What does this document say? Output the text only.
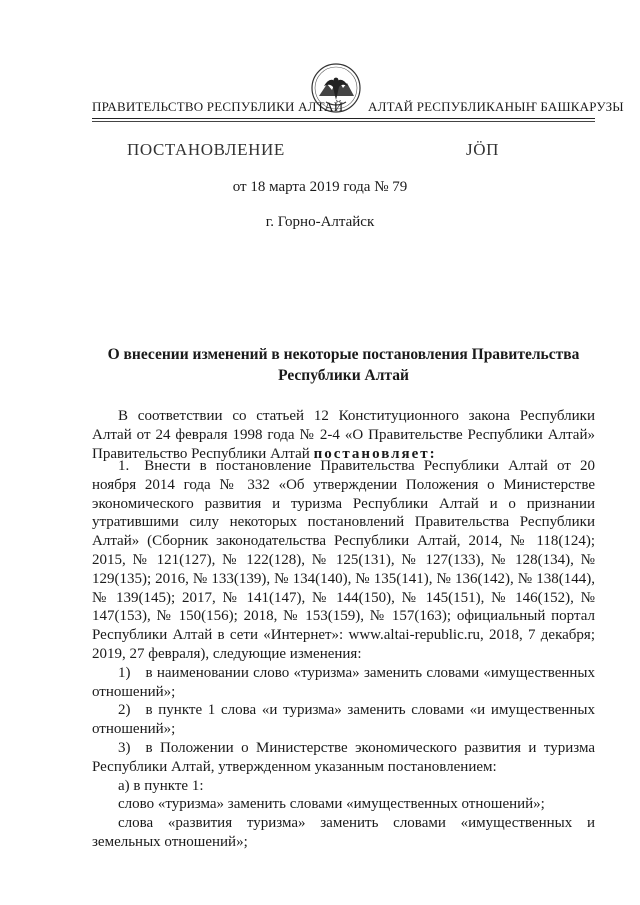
ПРАВИТЕЛЬСТВО РЕСПУБЛИКИ АЛТАЙ АЛТАЙ РЕСПУБЛИКАНЫҤ БАШКАРУЗЫ
ПОСТАНОВЛЕНИЕ	JӦП
от 18 марта 2019 года № 79
г. Горно-Алтайск
О внесении изменений в некоторые постановления Правительства Республики Алтай

В соответствии со статьей 12 Конституционного закона Республики Алтай от 24 февраля 1998 года № 2-4 «О Правительстве Республики Алтай» Правительство Республики Алтай постановляет:

1. Внести в постановление Правительства Республики Алтай от 20 ноября 2014 года № 332 «Об утверждении Положения о Министерстве экономического развития и туризма Республики Алтай и о признании утратившими силу некоторых постановлений Правительства Республики Алтай» (Сборник законодательства Республики Алтай, 2014, № 118(124); 2015, № 121(127), № 122(128), № 125(131), № 127(133), № 128(134), № 129(135); 2016, № 133(139), № 134(140), № 135(141), № 136(142), № 138(144), № 139(145); 2017, № 141(147), № 144(150), № 145(151), № 146(152), № 147(153), № 150(156); 2018, № 153(159), № 157(163); официальный портал Республики Алтай в сети «Интернет»: www.altai-republic.ru, 2018, 7 декабря; 2019, 27 февраля), следующие изменения:

1) в наименовании слово «туризма» заменить словами «имущественных отношений»;

2) в пункте 1 слова «и туризма» заменить словами «и имущественных отношений»;

3) в Положении о Министерстве экономического развития и туризма Республики Алтай, утвержденном указанным постановлением:

а) в пункте 1:

слово «туризма» заменить словами «имущественных отношений»;

слова «развития туризма» заменить словами «имущественных и земельных отношений»;
